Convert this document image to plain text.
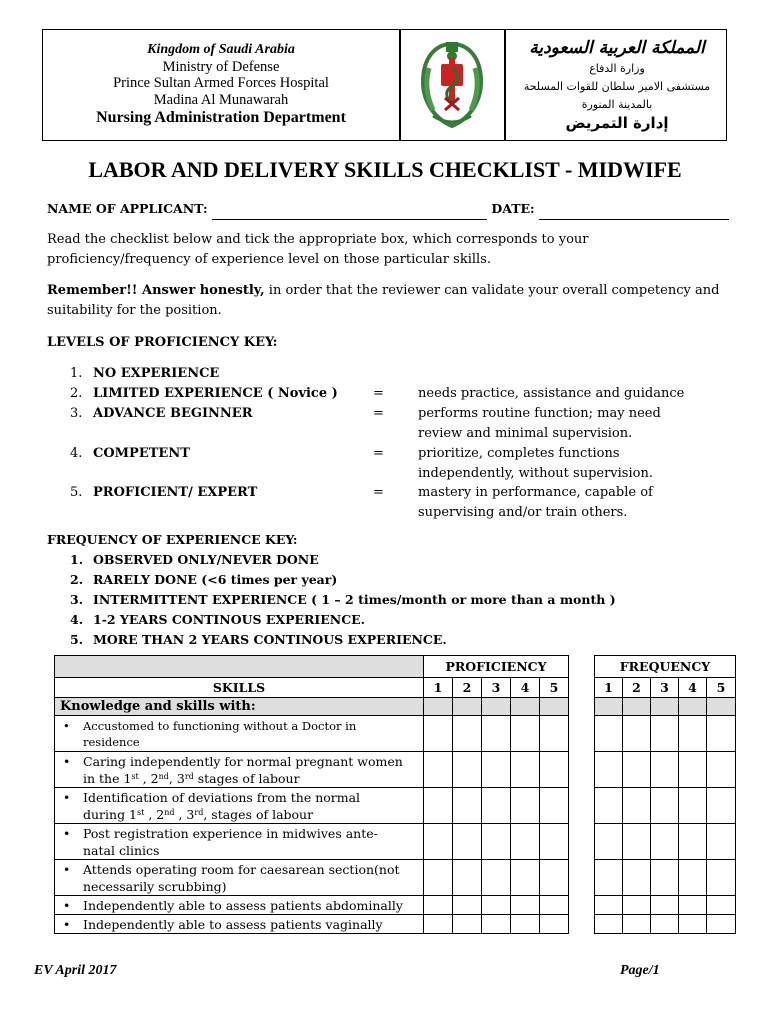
Kingdom of Saudi Arabia
Ministry of Defense
Prince Sultan Armed Forces Hospital
Madina Al Munawarah
Nursing Administration Department
المملكة العربية السعودية
وزارة الدفاع
مستشفى الامير سلطان للقوات المسلحة
بالمدينة المنورة
إدارة التمريض
LABOR AND DELIVERY SKILLS CHECKLIST - MIDWIFE
NAME OF APPLICANT:	DATE:
Read the checklist below and tick the appropriate box, which corresponds to your
proficiency/frequency of experience level on those particular skills.
Remember!! Answer honestly, in order that the reviewer can validate your overall competency and
suitability for the position.
LEVELS OF PROFICIENCY KEY:
1. NO EXPERIENCE
2. LIMITED EXPERIENCE ( Novice )	=	needs practice, assistance and guidance
3. ADVANCE BEGINNER	=	performs routine function; may need
review and minimal supervision.
4. COMPETENT	=	prioritize, completes functions
independently, without supervision.
5. PROFICIENT/ EXPERT	=	mastery in performance, capable of
supervising and/or train others.
FREQUENCY OF EXPERIENCE KEY:
1. OBSERVED ONLY/NEVER DONE
2. RARELY DONE (<6 times per year)
3. INTERMITTENT EXPERIENCE ( 1 – 2 times/month or more than a month )
4. 1-2 YEARS CONTINOUS EXPERIENCE.
5. MORE THAN 2 YEARS CONTINOUS EXPERIENCE.
	PROFICIENCY				
SKILLS	1	2	3	4	5
Knowledge and skills with:					
• Accustomed to functioning without a Doctor in
residence					
• Caring independently for normal pregnant women
in the 1st , 2nd, 3rd stages of labour					
• Identification of deviations from the normal
during 1st , 2nd , 3rd, stages of labour					
• Post registration experience in midwives ante-
natal clinics					
• Attends operating room for caesarean section(not
necessarily scrubbing)					
• Independently able to assess patients abdominally					
• Independently able to assess patients vaginally					
FREQUENCY				
1	2	3	4	5

EV April 2017	Page/1
